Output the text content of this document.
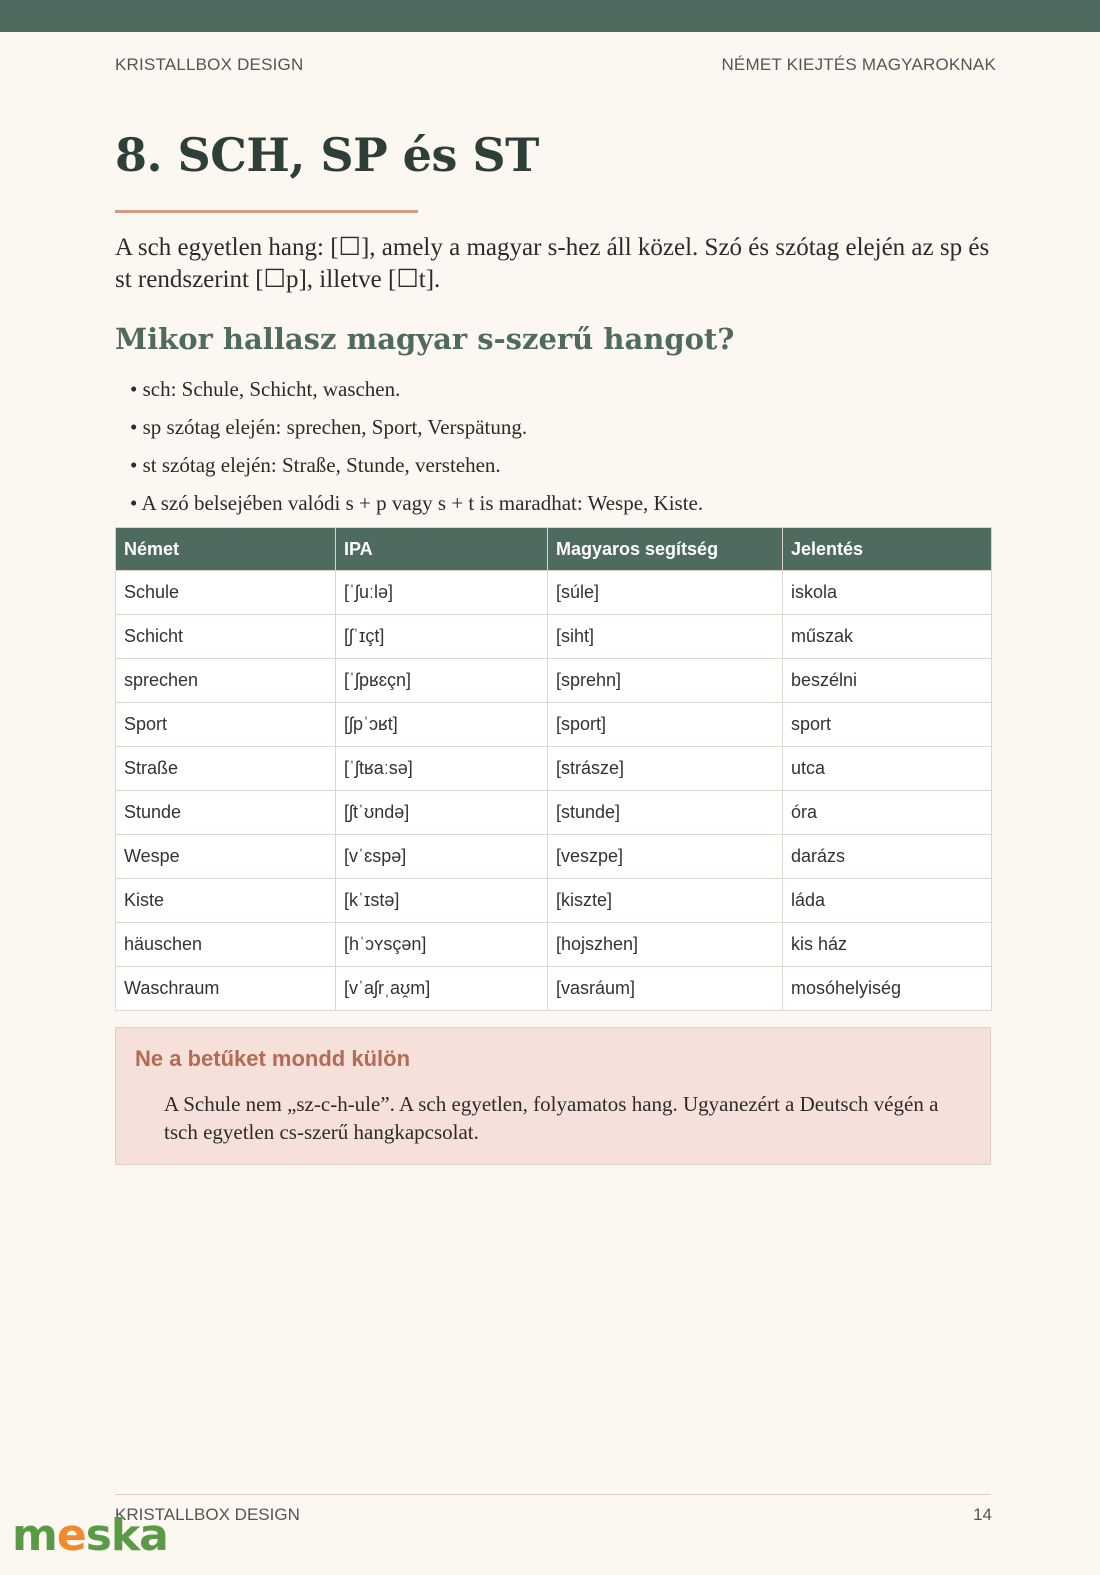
KRISTALLBOX DESIGN	NÉMET KIEJTÉS MAGYAROKNAK
8. SCH, SP és ST

A sch egyetlen hang: [☐], amely a magyar s-hez áll közel. Szó és szótag elején az sp és st rendszerint [☐p], illetve [☐t].

Mikor hallasz magyar s-szerű hangot?
• sch: Schule, Schicht, waschen.
• sp szótag elején: sprechen, Sport, Verspätung.
• st szótag elején: Straße, Stunde, verstehen.
• A szó belsejében valódi s + p vagy s + t is maradhat: Wespe, Kiste.
Német	IPA	Magyaros segítség	Jelentés
Schule	[ˈʃuːlə]	[súle]	iskola
Schicht	[ʃˈɪçt]	[siht]	műszak
sprechen	[ˈʃpʁɛçn]	[sprehn]	beszélni
Sport	[ʃpˈɔʁt]	[sport]	sport
Straße	[ˈʃtʁaːsə]	[strásze]	utca
Stunde	[ʃtˈʊndə]	[stunde]	óra
Wespe	[vˈɛspə]	[veszpe]	darázs
Kiste	[kˈɪstə]	[kiszte]	láda
häuschen	[hˈɔʏsçən]	[hojszhen]	kis ház
Waschraum	[vˈaʃrˌaʊ̯m]	[vasráum]	mosóhelyiség
Ne a betűket mondd külön

A Schule nem „sz-c-h-ule”. A sch egyetlen, folyamatos hang. Ugyanezért a Deutsch végén a tsch egyetlen cs-szerű hangkapcsolat.

KRISTALLBOX DESIGN	14
meska
